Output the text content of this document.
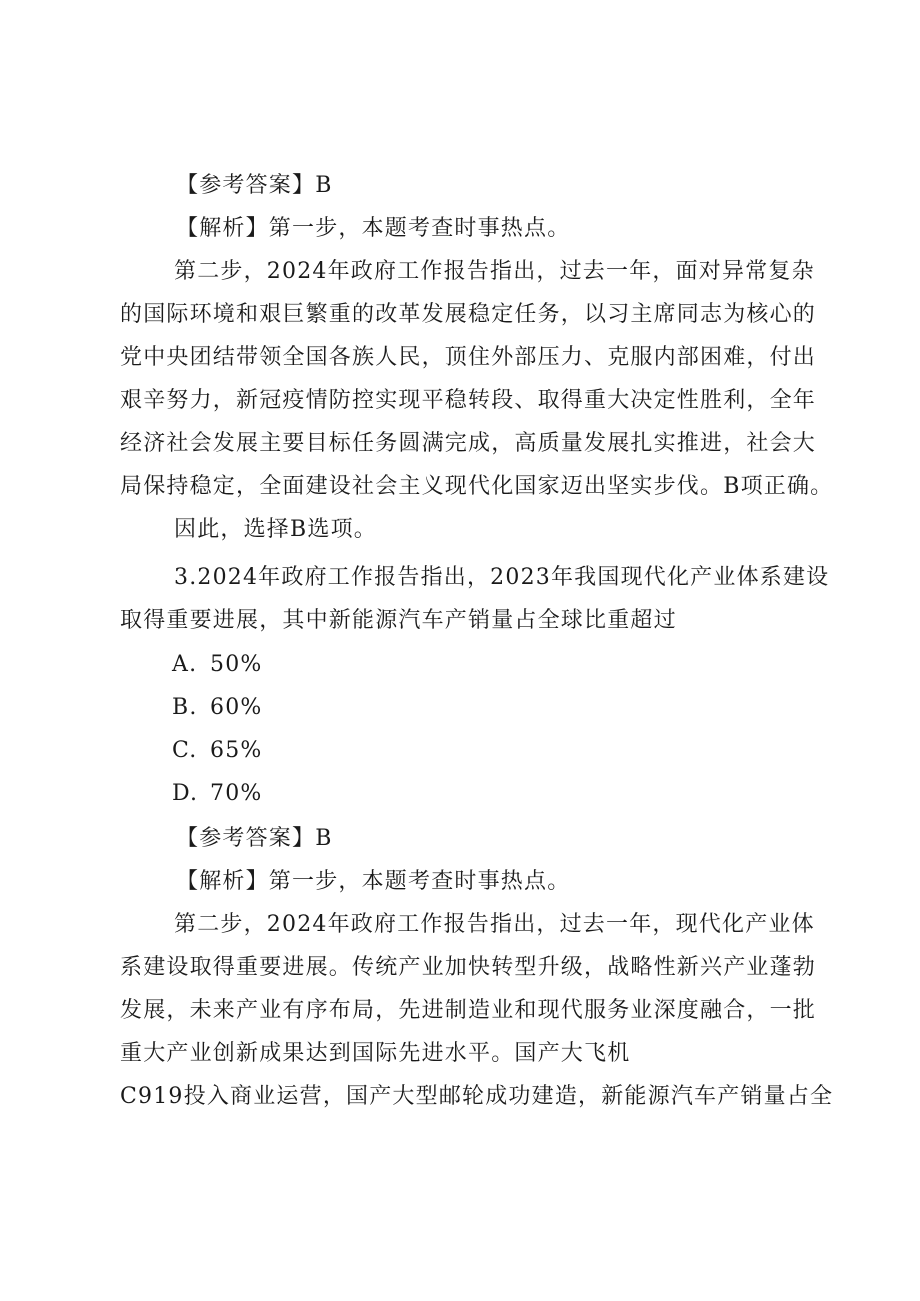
【参考答案】B
【解析】第一步，本题考查时事热点。
第二步，2024年政府工作报告指出，过去一年，面对异常复杂
的国际环境和艰巨繁重的改革发展稳定任务，以习主席同志为核心的
党中央团结带领全国各族人民，顶住外部压力、克服内部困难，付出
艰辛努力，新冠疫情防控实现平稳转段、取得重大决定性胜利，全年
经济社会发展主要目标任务圆满完成，高质量发展扎实推进，社会大
局保持稳定，全面建设社会主义现代化国家迈出坚实步伐。B项正确。
因此，选择B选项。
3.2024年政府工作报告指出，2023年我国现代化产业体系建设
取得重要进展，其中新能源汽车产销量占全球比重超过
A. 50%
B. 60%
C. 65%
D. 70%
【参考答案】B
【解析】第一步，本题考查时事热点。
第二步，2024年政府工作报告指出，过去一年，现代化产业体
系建设取得重要进展。传统产业加快转型升级，战略性新兴产业蓬勃
发展，未来产业有序布局，先进制造业和现代服务业深度融合，一批
重大产业创新成果达到国际先进水平。国产大飞机
C919投入商业运营，国产大型邮轮成功建造，新能源汽车产销量占全
